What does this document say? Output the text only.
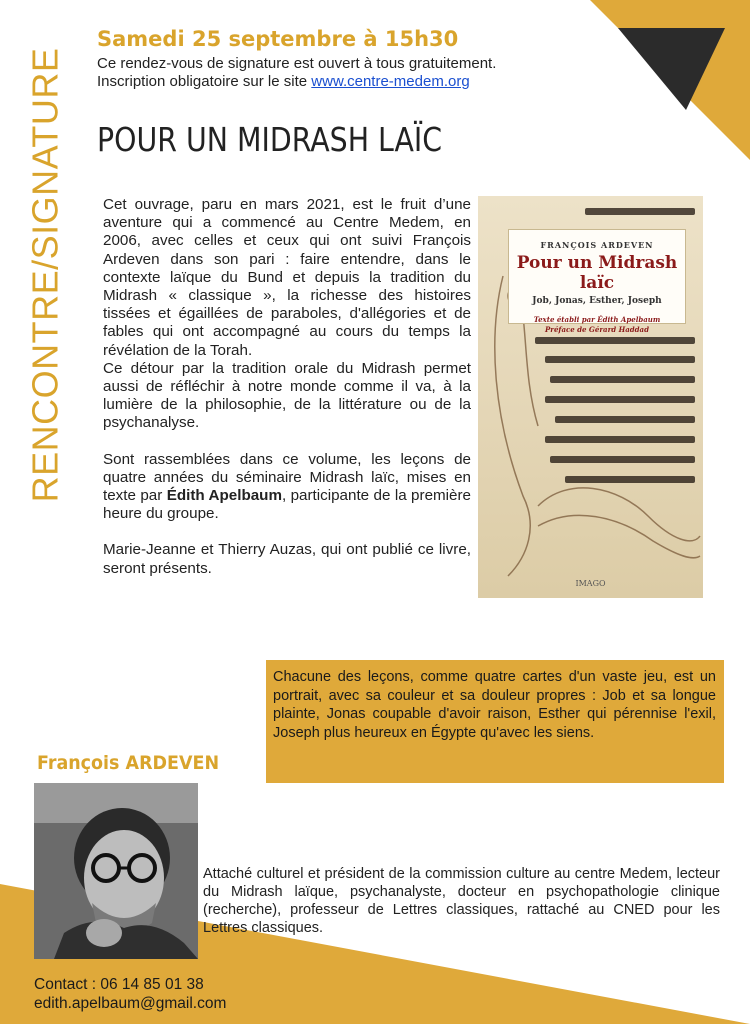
RENCONTRE/SIGNATURE
Samedi 25 septembre à 15h30
Ce rendez-vous de signature est ouvert à tous gratuitement.
Inscription obligatoire sur le site www.centre-medem.org
POUR UN MIDRASH LAÏC

Cet ouvrage, paru en mars 2021, est le fruit d’une aventure qui a commencé au Centre Medem, en 2006, avec celles et ceux qui ont suivi François Ardeven dans son pari : faire entendre, dans le contexte laïque du Bund et depuis la tradition du Midrash « classique », la richesse des histoires tissées et égaillées de paraboles, d'allégories et de fables qui ont accompagné au cours du temps la révélation de la Torah.

Ce détour par la tradition orale du Midrash permet aussi de réfléchir à notre monde comme il va, à la lumière de la philosophie, de la littérature ou de la psychanalyse.

Sont rassemblées dans ce volume, les leçons de quatre années du séminaire Midrash laïc, mises en texte par Édith Apelbaum, participante de la première heure du groupe.

Marie-Jeanne et Thierry Auzas, qui ont publié ce livre, seront présents.

FRANÇOIS ARDEVEN
Pour un Midrash laïc
Job, Jonas, Esther, Joseph
Texte établi par Édith Apelbaum
Préface de Gérard Haddad
IMAGO
Chacune des leçons, comme quatre cartes d'un vaste jeu, est un portrait, avec sa couleur et sa douleur propres : Job et sa longue plainte, Jonas coupable d'avoir raison, Esther qui pérennise l'exil, Joseph plus heureux en Égypte qu'avec les siens.
François ARDEVEN
Attaché culturel et président de la commission culture au centre Medem, lecteur du Midrash laïque, psychanalyste, docteur en psychopathologie clinique (recherche), professeur de Lettres classiques, rattaché au CNED pour les Lettres classiques.
Contact : 06 14 85 01 38
edith.apelbaum@gmail.com
